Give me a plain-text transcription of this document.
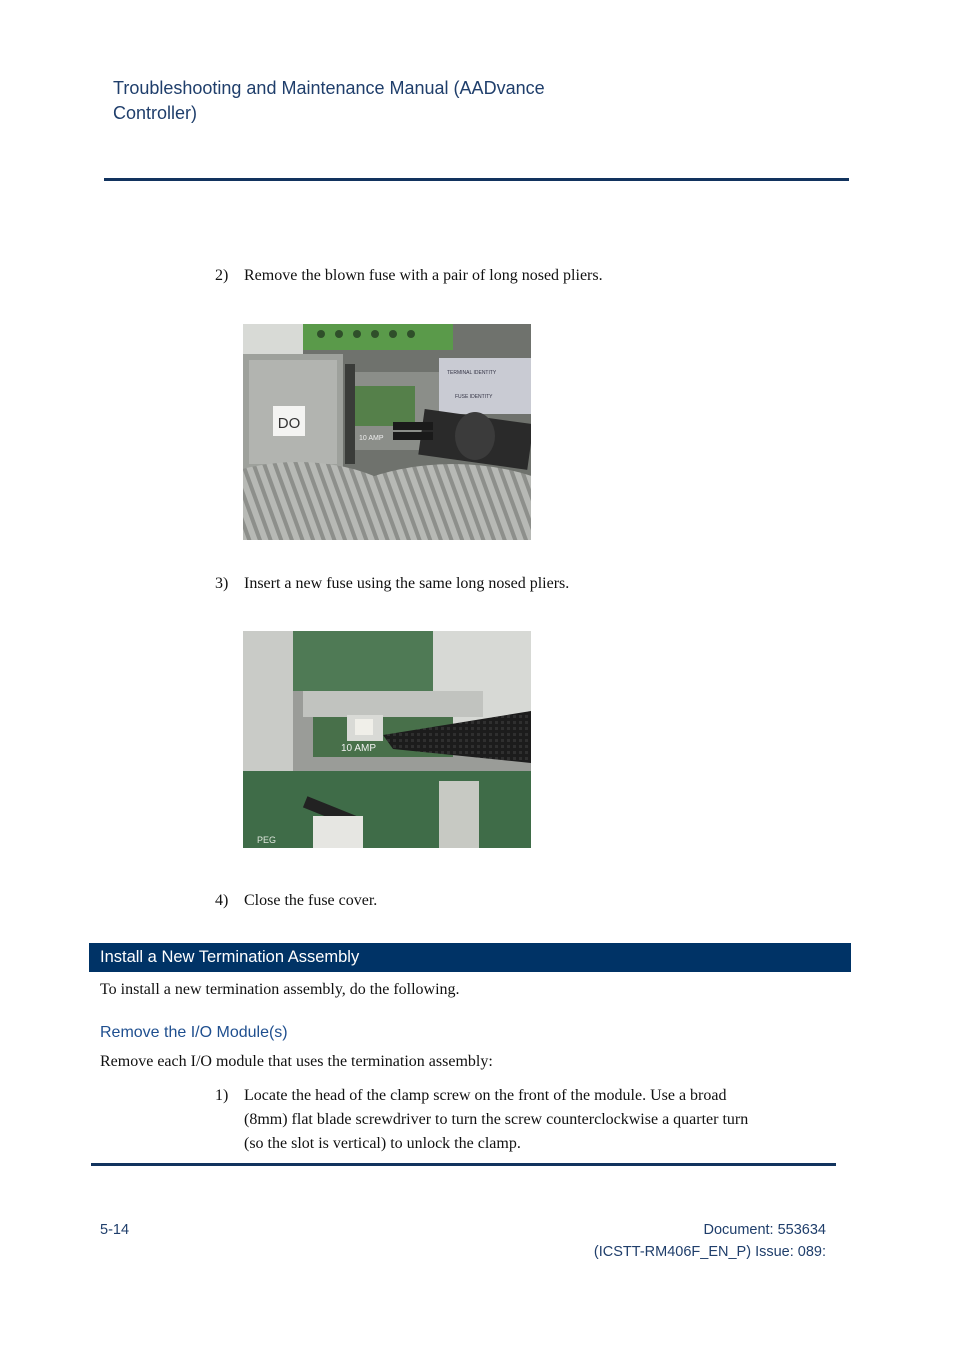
Troubleshooting and Maintenance Manual (AADvance Controller)
2) Remove the blown fuse with a pair of long nosed pliers.
DO
10 AMP
TERMINAL IDENTITY
FUSE IDENTITY
3) Insert a new fuse using the same long nosed pliers.
10 AMP
PEG
4) Close the fuse cover.
Install a New Termination Assembly
To install a new termination assembly, do the following.
Remove the I/O Module(s)
Remove each I/O module that uses the termination assembly:
1) Locate the head of the clamp screw on the front of the module. Use a broad
(8mm) flat blade screwdriver to turn the screw counterclockwise a quarter turn
(so the slot is vertical) to unlock the clamp.
5-14	Document: 553634
(ICSTT-RM406F_EN_P) Issue: 089:
